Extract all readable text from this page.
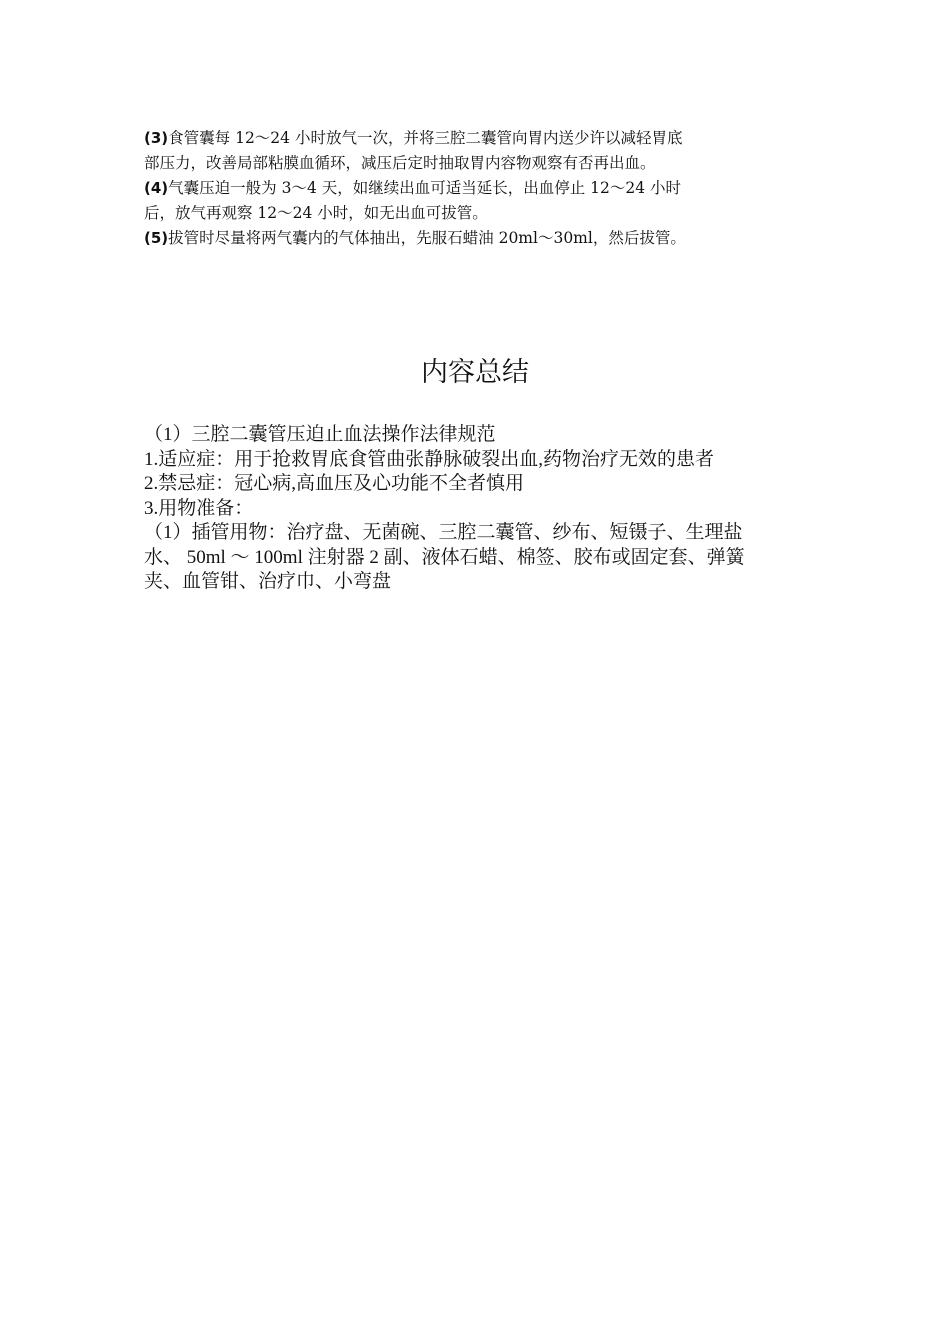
(3)食管囊每 12～24 小时放气一次，并将三腔二囊管向胃内送少许以减轻胃底

部压力，改善局部粘膜血循环，减压后定时抽取胃内容物观察有否再出血。

(4)气囊压迫一般为 3～4 天，如继续出血可适当延长，出血停止 12～24 小时

后，放气再观察 12～24 小时，如无出血可拔管。

(5)拔管时尽量将两气囊内的气体抽出，先服石蜡油 20ml～30ml，然后拔管。

内容总结

（1）三腔二囊管压迫止血法操作法律规范

1.适应症：用于抢救胃底食管曲张静脉破裂出血,药物治疗无效的患者

2.禁忌症：冠心病,高血压及心功能不全者慎用

3.用物准备：

（1）插管用物：治疗盘、无菌碗、三腔二囊管、纱布、短镊子、生理盐

水、 50ml ～ 100ml 注射器 2 副、液体石蜡、棉签、胶布或固定套、弹簧

夹、血管钳、治疗巾、小弯盘
